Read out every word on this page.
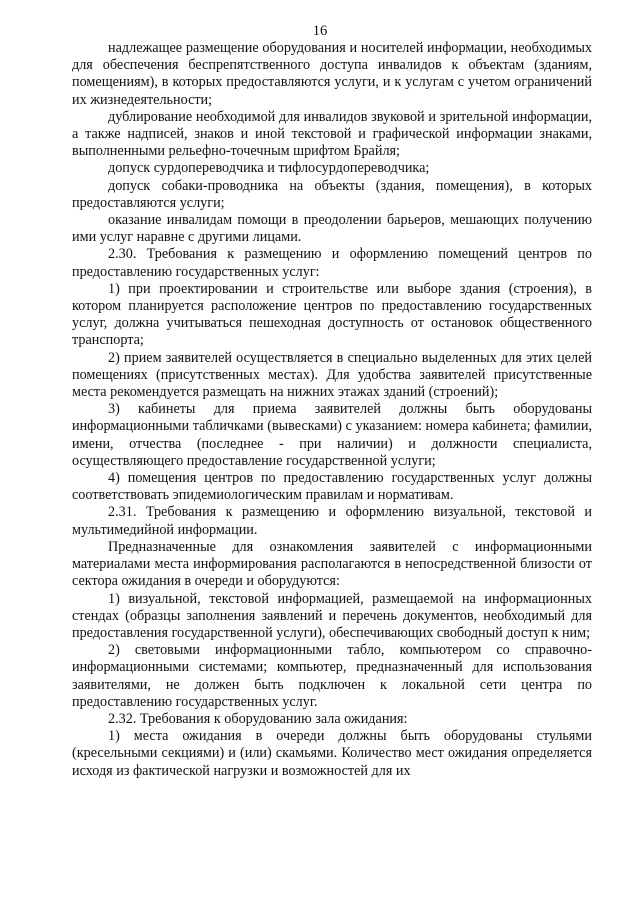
16

надлежащее размещение оборудования и носителей информации, необходимых для обеспечения беспрепятственного доступа инвалидов к объектам (зданиям, помещениям), в которых предоставляются услуги, и к услугам с учетом ограничений их жизнедеятельности;

дублирование необходимой для инвалидов звуковой и зрительной информации, а также надписей, знаков и иной текстовой и графической информации знаками, выполненными рельефно-точечным шрифтом Брайля;

допуск сурдопереводчика и тифлосурдопереводчика;

допуск собаки-проводника на объекты (здания, помещения), в которых предоставляются услуги;

оказание инвалидам помощи в преодолении барьеров, мешающих получению ими услуг наравне с другими лицами.

2.30. Требования к размещению и оформлению помещений центров по предоставлению государственных услуг:

1) при проектировании и строительстве или выборе здания (строения), в котором планируется расположение центров по предоставлению государственных услуг, должна учитываться пешеходная доступность от остановок общественного транспорта;

2) прием заявителей осуществляется в специально выделенных для этих целей помещениях (присутственных местах). Для удобства заявителей присутственные места рекомендуется размещать на нижних этажах зданий (строений);

3) кабинеты для приема заявителей должны быть оборудованы информационными табличками (вывесками) с указанием: номера кабинета; фамилии, имени, отчества (последнее - при наличии) и должности специалиста, осуществляющего предоставление государственной услуги;

4) помещения центров по предоставлению государственных услуг должны соответствовать эпидемиологическим правилам и нормативам.

2.31. Требования к размещению и оформлению визуальной, текстовой и мультимедийной информации.

Предназначенные для ознакомления заявителей с информационными материалами места информирования располагаются в непосредственной близости от сектора ожидания в очереди и оборудуются:

1) визуальной, текстовой информацией, размещаемой на информационных стендах (образцы заполнения заявлений и перечень документов, необходимый для предоставления государственной услуги), обеспечивающих свободный доступ к ним;

2) световыми информационными табло, компьютером со справочно-информационными системами; компьютер, предназначенный для использования заявителями, не должен быть подключен к локальной сети центра по предоставлению государственных услуг.

2.32. Требования к оборудованию зала ожидания:

1) места ожидания в очереди должны быть оборудованы стульями (кресельными секциями) и (или) скамьями. Количество мест ожидания определяется исходя из фактической нагрузки и возможностей для их
